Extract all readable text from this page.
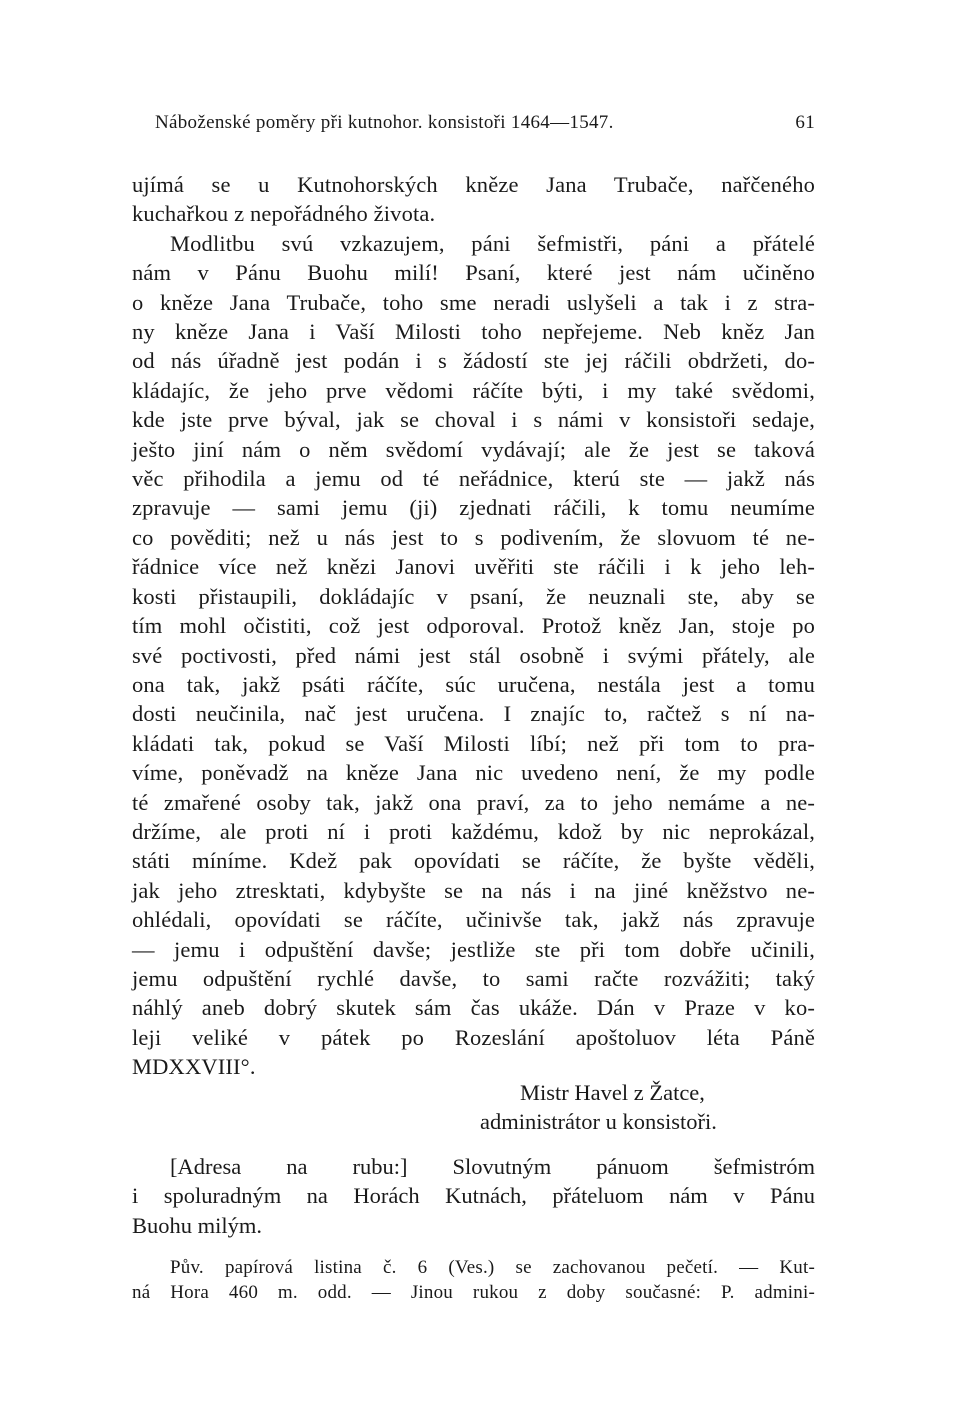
Náboženské poměry při kutnohor. konsistoři 1464—1547.	61
ujímá se u Kutnohorských kněze Jana Trubače, nařčeného
kuchařkou z nepořádného života.
Modlitbu svú vzkazujem, páni šefmistři, páni a přátelé
nám v Pánu Buohu milí! Psaní, které jest nám učiněno
o kněze Jana Trubače, toho sme neradi uslyšeli a tak i z stra-
ny kněze Jana i Vaší Milosti toho nepřejeme. Neb kněz Jan
od nás úřadně jest podán i s žádostí ste jej ráčili obdržeti, do-
kládajíc, že jeho prve vědomi ráčíte býti, i my také svědomi,
kde jste prve býval, jak se choval i s námi v konsistoři sedaje,
ješto jiní nám o něm svědomí vydávají; ale že jest se taková
věc přihodila a jemu od té neřádnice, kterú ste — jakž nás
zpravuje — sami jemu (ji) zjednati ráčili, k tomu neumíme
co pověditi; než u nás jest to s podivením, že slovuom té ne-
řádnice více než knězi Janovi uvěřiti ste ráčili i k jeho leh-
kosti přistaupili, dokládajíc v psaní, že neuznali ste, aby se
tím mohl očistiti, což jest odporoval. Protož kněz Jan, stoje po
své poctivosti, před námi jest stál osobně i svými přátely, ale
ona tak, jakž psáti ráčíte, súc uručena, nestála jest a tomu
dosti neučinila, nač jest uručena. I znajíc to, račtež s ní na-
kládati tak, pokud se Vaší Milosti líbí; než při tom to pra-
víme, poněvadž na kněze Jana nic uvedeno není, že my podle
té zmařené osoby tak, jakž ona praví, za to jeho nemáme a ne-
držíme, ale proti ní i proti každému, kdož by nic neprokázal,
státi míníme. Kdež pak opovídati se ráčíte, že byšte věděli,
jak jeho ztresktati, kdybyšte se na nás i na jiné kněžstvo ne-
ohlédali, opovídati se ráčíte, učinivše tak, jakž nás zpravuje
— jemu i odpuštění davše; jestliže ste při tom dobře učinili,
jemu odpuštění rychlé davše, to sami račte rozvážiti; taký
náhlý aneb dobrý skutek sám čas ukáže. Dán v Praze v ko-
leji veliké v pátek po Rozeslání apoštoluov léta Páně
MDXXVIII°.
Mistr Havel z Žatce,
administrátor u konsistoři.
[Adresa na rubu:] Slovutným pánuom šefmistróm
i spoluradným na Horách Kutnách, přáteluom nám v Pánu
Buohu milým.
Pův. papírová listina č. 6 (Ves.) se zachovanou pečetí. — Kut-
ná Hora 460 m. odd. — Jinou rukou z doby současné: P. admini-
